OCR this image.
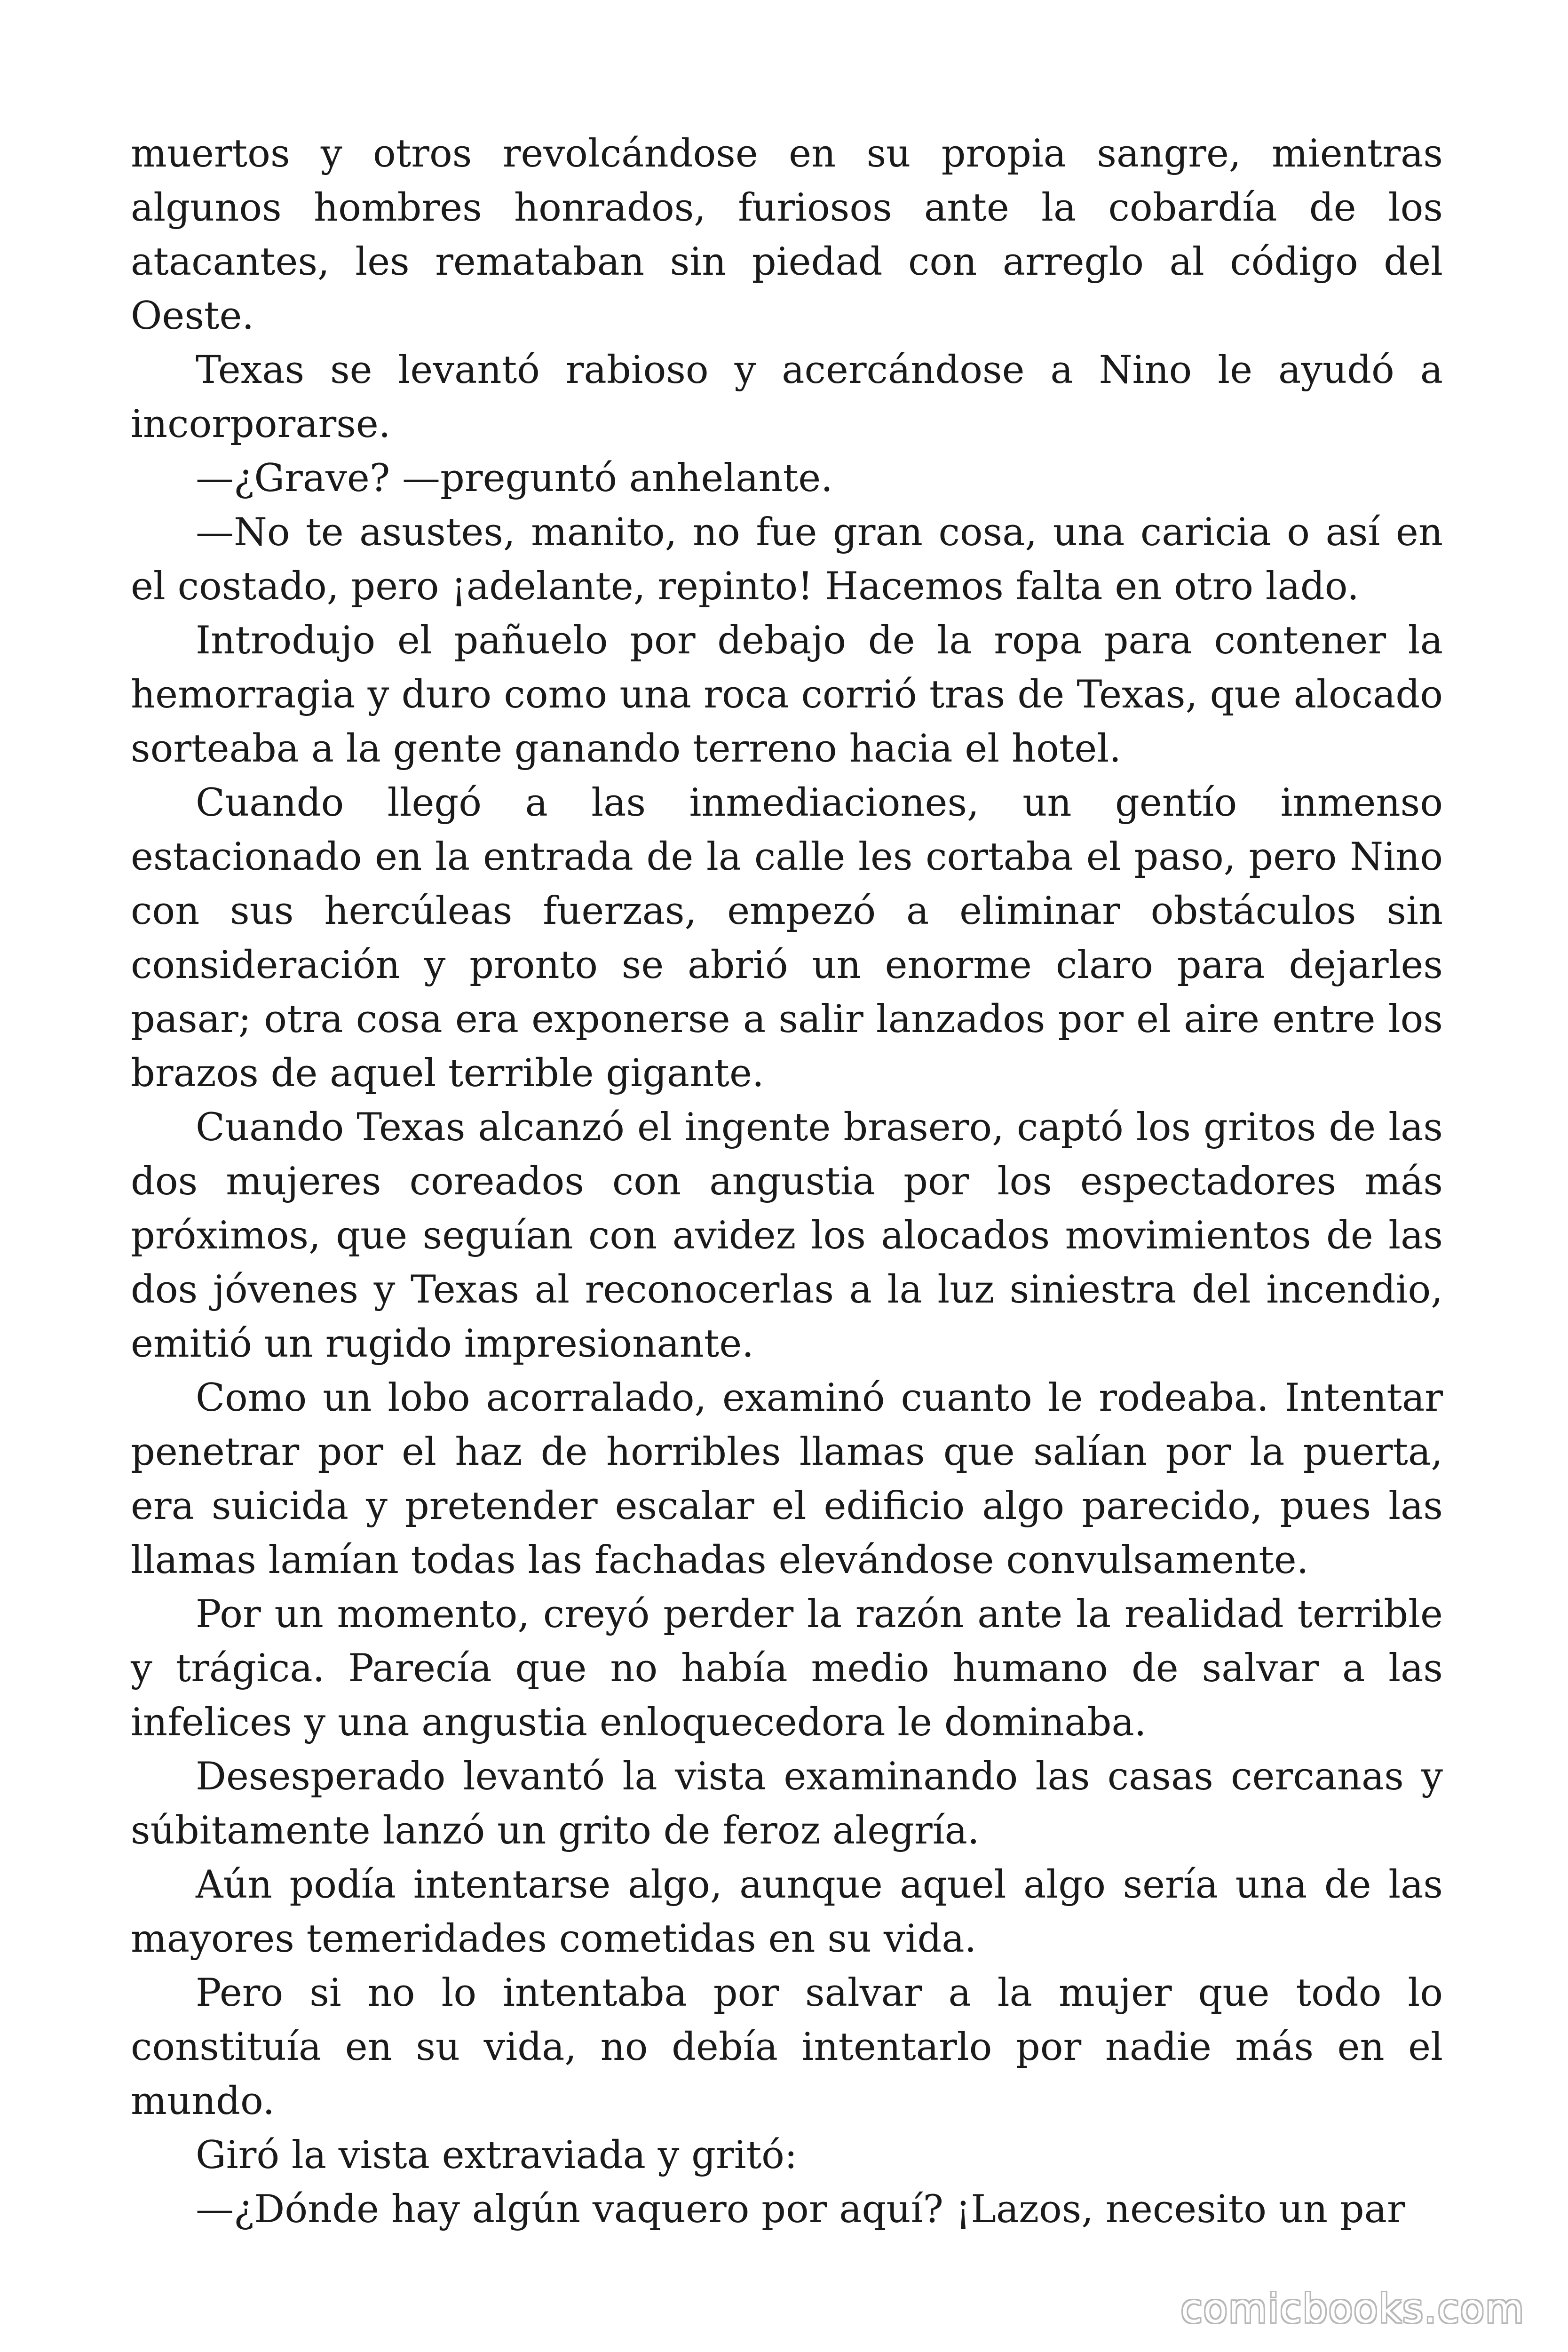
muertos y otros revolcándose en su propia sangre, mientras algunos hombres honrados, furiosos ante la cobardía de los atacantes, les remataban sin piedad con arreglo al código del Oeste.

Texas se levantó rabioso y acercándose a Nino le ayudó a incorporarse.

—¿Grave? —preguntó anhelante.

—No te asustes, manito, no fue gran cosa, una caricia o así en el costado, pero ¡adelante, repinto! Hacemos falta en otro lado.

Introdujo el pañuelo por debajo de la ropa para contener la hemorragia y duro como una roca corrió tras de Texas, que alocado sorteaba a la gente ganando terreno hacia el hotel.

Cuando llegó a las inmediaciones, un gentío inmenso estacionado en la entrada de la calle les cortaba el paso, pero Nino con sus hercúleas fuerzas, empezó a eliminar obstáculos sin consideración y pronto se abrió un enorme claro para dejarles pasar; otra cosa era exponerse a salir lanzados por el aire entre los brazos de aquel terrible gigante.

Cuando Texas alcanzó el ingente brasero, captó los gritos de las dos mujeres coreados con angustia por los espectadores más próximos, que seguían con avidez los alocados movimientos de las dos jóvenes y Texas al reconocerlas a la luz siniestra del incendio, emitió un rugido impresionante.

Como un lobo acorralado, examinó cuanto le rodeaba. Intentar penetrar por el haz de horribles llamas que salían por la puerta, era suicida y pretender escalar el edificio algo parecido, pues las llamas lamían todas las fachadas elevándose convulsamente.

Por un momento, creyó perder la razón ante la realidad terrible y trágica. Parecía que no había medio humano de salvar a las infelices y una angustia enloquecedora le dominaba.

Desesperado levantó la vista examinando las casas cercanas y súbitamente lanzó un grito de feroz alegría.

Aún podía intentarse algo, aunque aquel algo sería una de las mayores temeridades cometidas en su vida.

Pero si no lo intentaba por salvar a la mujer que todo lo constituía en su vida, no debía intentarlo por nadie más en el mundo.

Giró la vista extraviada y gritó:

—¿Dónde hay algún vaquero por aquí? ¡Lazos, necesito un par

comicbooks.com
